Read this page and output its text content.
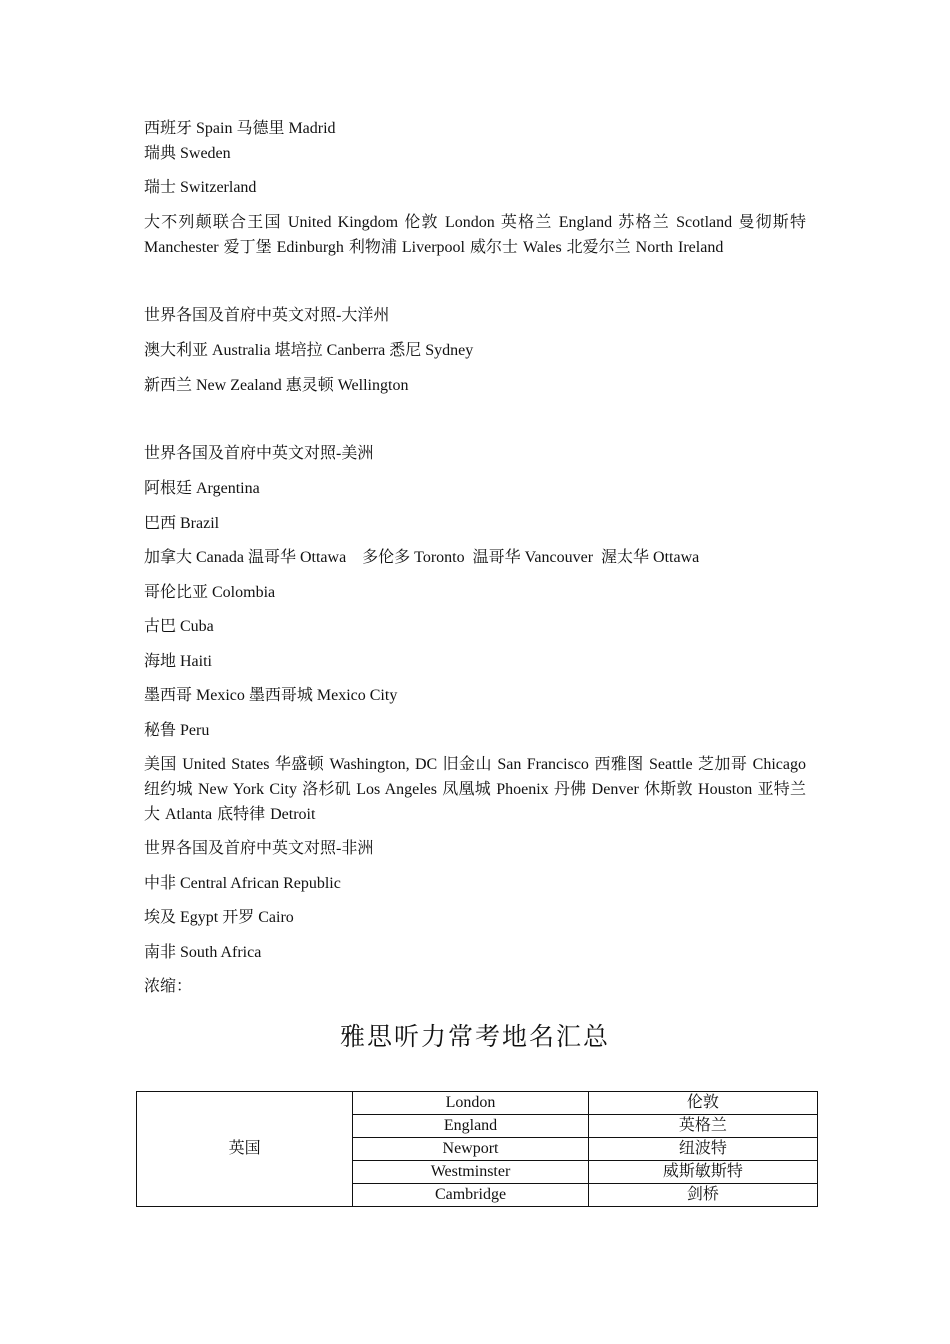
西班牙 Spain 马德里 Madrid
瑞典 Sweden
瑞士 Switzerland
大不列颠联合王国 United Kingdom 伦敦 London 英格兰 England 苏格兰 Scotland 曼彻斯特 Manchester 爱丁堡 Edinburgh 利物浦 Liverpool 威尔士 Wales 北爱尔兰 North Ireland
世界各国及首府中英文对照-大洋州
澳大利亚 Australia 堪培拉 Canberra 悉尼 Sydney
新西兰 New Zealand 惠灵顿 Wellington
世界各国及首府中英文对照-美洲
阿根廷 Argentina
巴西 Brazil
加拿大 Canada 温哥华 Ottawa    多伦多 Toronto  温哥华 Vancouver  渥太华 Ottawa
哥伦比亚 Colombia
古巴 Cuba
海地 Haiti
墨西哥 Mexico 墨西哥城 Mexico City
秘鲁 Peru
美国 United States 华盛顿 Washington, DC 旧金山 San Francisco 西雅图 Seattle 芝加哥 Chicago 纽约城 New York City 洛杉矶 Los Angeles 凤凰城 Phoenix 丹佛 Denver 休斯敦 Houston 亚特兰大 Atlanta 底特律 Detroit
世界各国及首府中英文对照-非洲
中非 Central African Republic
埃及 Egypt 开罗 Cairo
南非 South Africa
浓缩：
雅思听力常考地名汇总
英国	London	伦敦
	England	英格兰
	Newport	纽波特
	Westminster	威斯敏斯特
	Cambridge	剑桥
